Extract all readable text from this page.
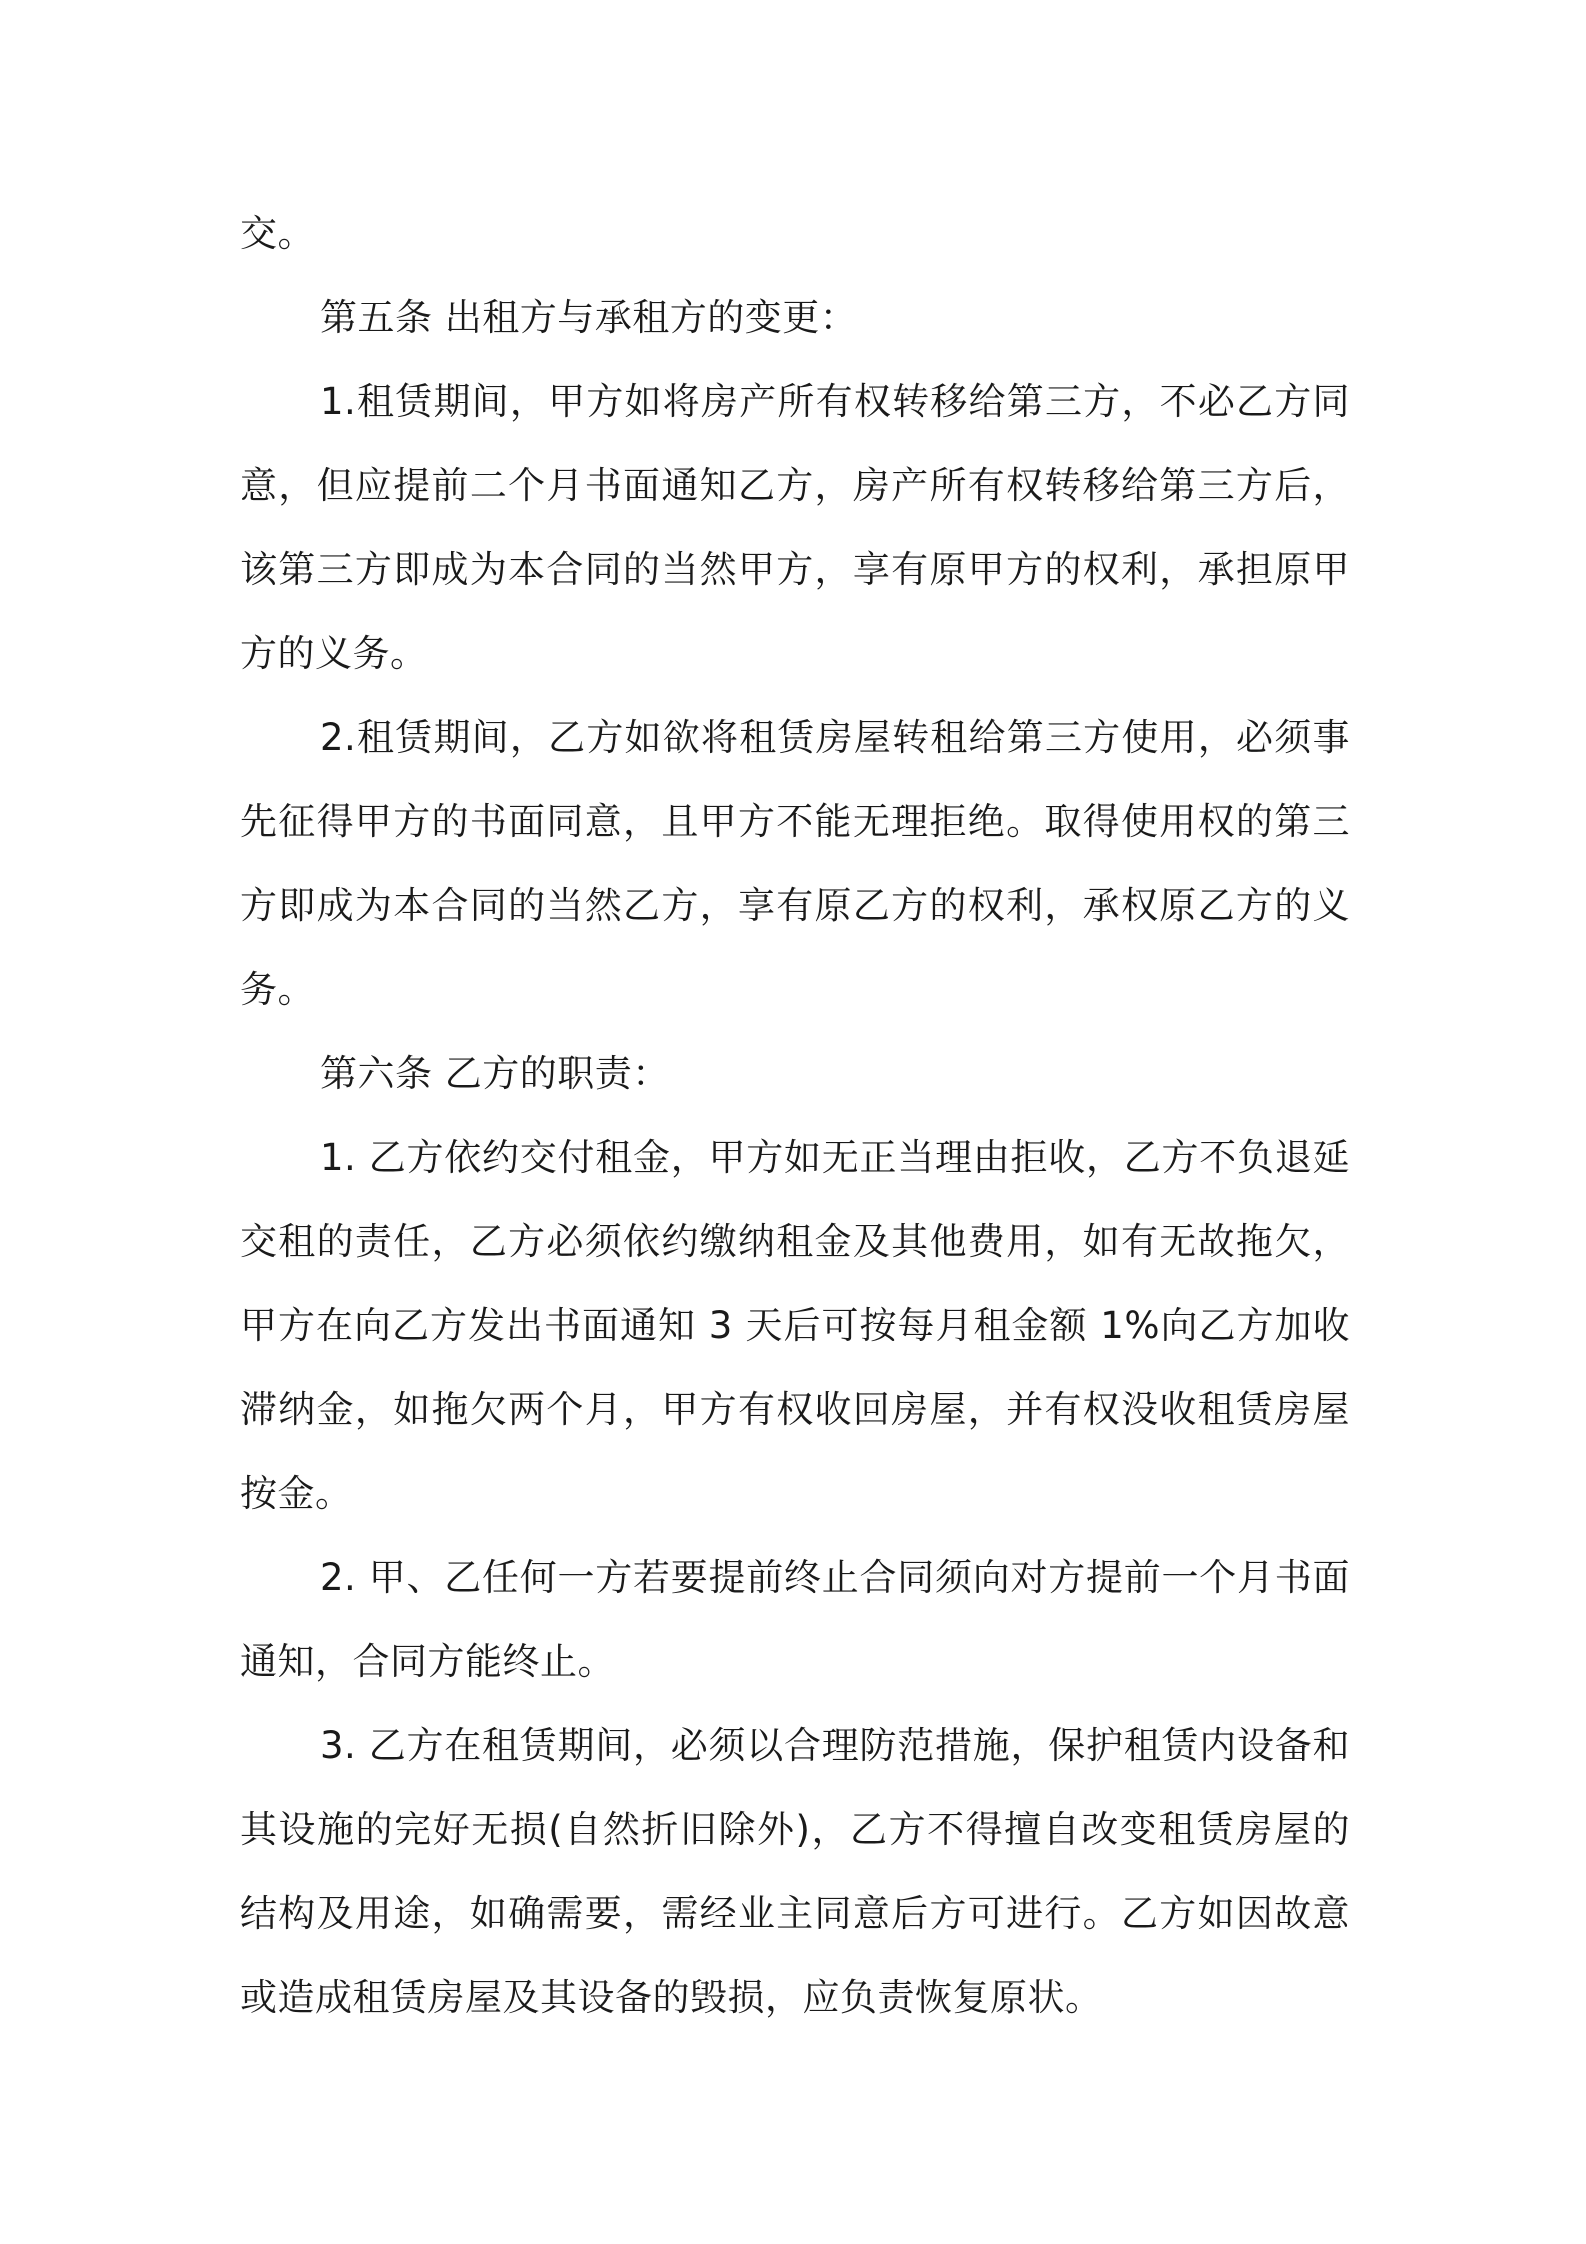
交。

第五条 出租方与承租方的变更：

1.租赁期间，甲方如将房产所有权转移给第三方，不必乙方同意，但应提前二个月书面通知乙方，房产所有权转移给第三方后，该第三方即成为本合同的当然甲方，享有原甲方的权利，承担原甲方的义务。

2.租赁期间，乙方如欲将租赁房屋转租给第三方使用，必须事先征得甲方的书面同意，且甲方不能无理拒绝。取得使用权的第三方即成为本合同的当然乙方，享有原乙方的权利，承权原乙方的义务。

第六条 乙方的职责：

1. 乙方依约交付租金，甲方如无正当理由拒收，乙方不负退延交租的责任，乙方必须依约缴纳租金及其他费用，如有无故拖欠，甲方在向乙方发出书面通知 3 天后可按每月租金额 1%向乙方加收滞纳金，如拖欠两个月，甲方有权收回房屋，并有权没收租赁房屋按金。

2. 甲、乙任何一方若要提前终止合同须向对方提前一个月书面通知，合同方能终止。

3. 乙方在租赁期间，必须以合理防范措施，保护租赁内设备和其设施的完好无损(自然折旧除外)，乙方不得擅自改变租赁房屋的结构及用途，如确需要，需经业主同意后方可进行。乙方如因故意或造成租赁房屋及其设备的毁损，应负责恢复原状。
